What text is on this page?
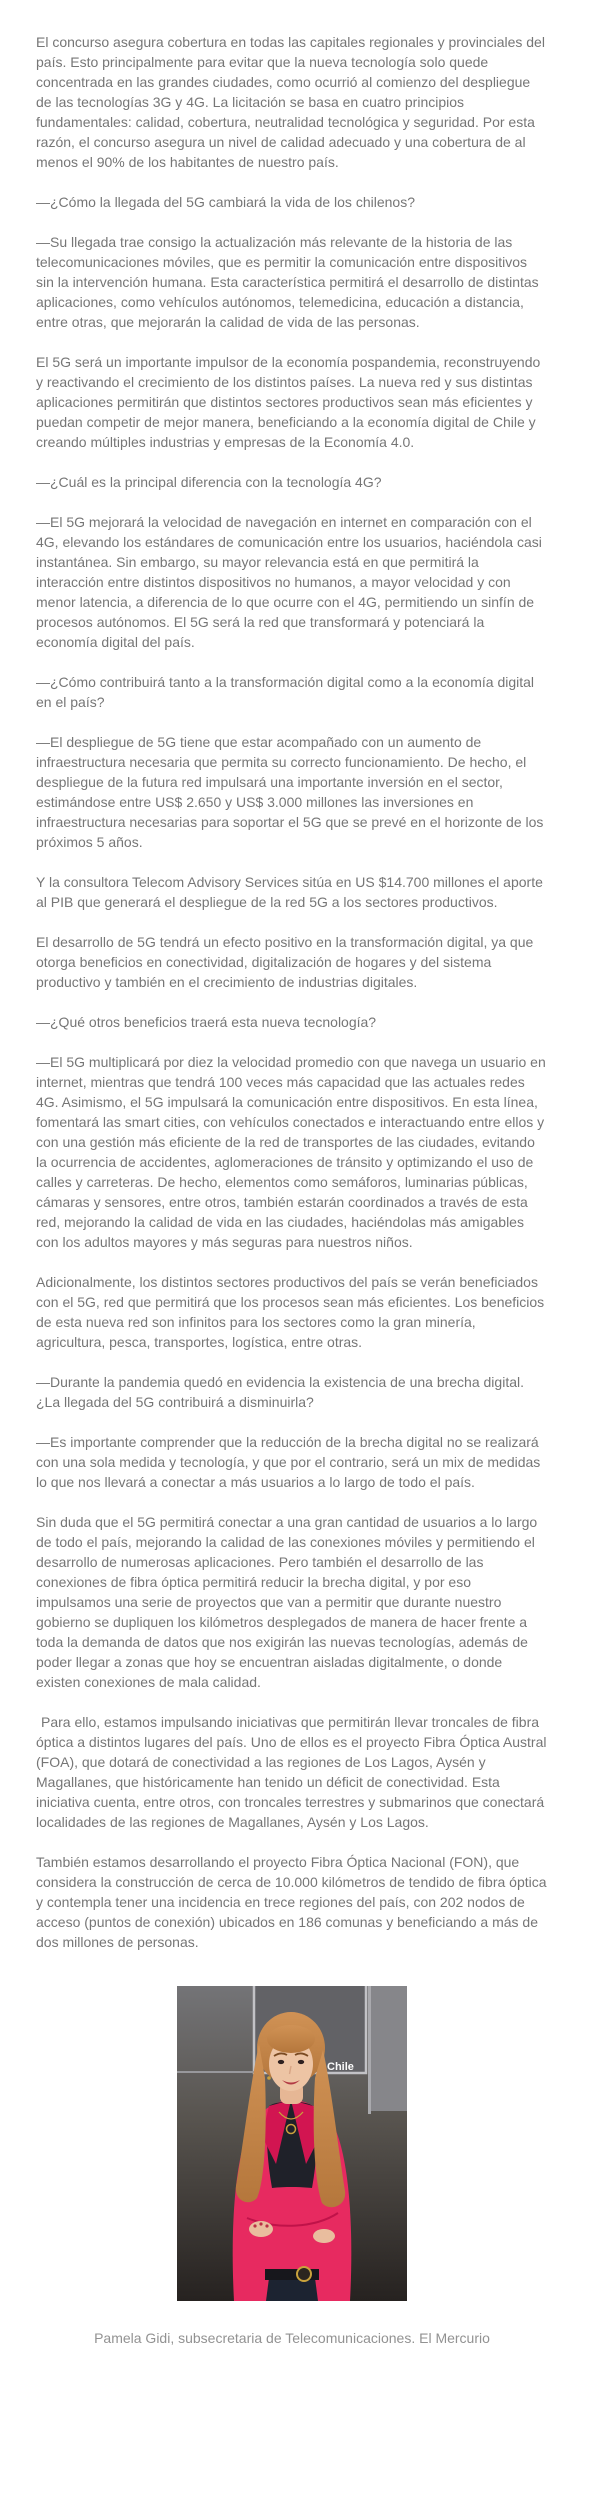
El concurso asegura cobertura en todas las capitales regionales y provinciales del país. Esto principalmente para evitar que la nueva tecnología solo quede concentrada en las grandes ciudades, como ocurrió al comienzo del despliegue de las tecnologías 3G y 4G. La licitación se basa en cuatro principios fundamentales: calidad, cobertura, neutralidad tecnológica y seguridad. Por esta razón, el concurso asegura un nivel de calidad adecuado y una cobertura de al menos el 90% de los habitantes de nuestro país.

—¿Cómo la llegada del 5G cambiará la vida de los chilenos?

—Su llegada trae consigo la actualización más relevante de la historia de las telecomunicaciones móviles, que es permitir la comunicación entre dispositivos sin la intervención humana. Esta característica permitirá el desarrollo de distintas aplicaciones, como vehículos autónomos, telemedicina, educación a distancia, entre otras, que mejorarán la calidad de vida de las personas.

El 5G será un importante impulsor de la economía pospandemia, reconstruyendo y reactivando el crecimiento de los distintos países. La nueva red y sus distintas aplicaciones permitirán que distintos sectores productivos sean más eficientes y puedan competir de mejor manera, beneficiando a la economía digital de Chile y creando múltiples industrias y empresas de la Economía 4.0.

—¿Cuál es la principal diferencia con la tecnología 4G?

—El 5G mejorará la velocidad de navegación en internet en comparación con el 4G, elevando los estándares de comunicación entre los usuarios, haciéndola casi instantánea. Sin embargo, su mayor relevancia está en que permitirá la interacción entre distintos dispositivos no humanos, a mayor velocidad y con menor latencia, a diferencia de lo que ocurre con el 4G, permitiendo un sinfín de procesos autónomos. El 5G será la red que transformará y potenciará la economía digital del país.

—¿Cómo contribuirá tanto a la transformación digital como a la economía digital en el país?

—El despliegue de 5G tiene que estar acompañado con un aumento de infraestructura necesaria que permita su correcto funcionamiento. De hecho, el despliegue de la futura red impulsará una importante inversión en el sector, estimándose entre US$ 2.650 y US$ 3.000 millones las inversiones en infraestructura necesarias para soportar el 5G que se prevé en el horizonte de los próximos 5 años.

Y la consultora Telecom Advisory Services sitúa en US $14.700 millones el aporte al PIB que generará el despliegue de la red 5G a los sectores productivos.

El desarrollo de 5G tendrá un efecto positivo en la transformación digital, ya que otorga beneficios en conectividad, digitalización de hogares y del sistema productivo y también en el crecimiento de industrias digitales.

—¿Qué otros beneficios traerá esta nueva tecnología?

—El 5G multiplicará por diez la velocidad promedio con que navega un usuario en internet, mientras que tendrá 100 veces más capacidad que las actuales redes 4G. Asimismo, el 5G impulsará la comunicación entre dispositivos. En esta línea, fomentará las smart cities, con vehículos conectados e interactuando entre ellos y con una gestión más eficiente de la red de transportes de las ciudades, evitando la ocurrencia de accidentes, aglomeraciones de tránsito y optimizando el uso de calles y carreteras. De hecho, elementos como semáforos, luminarias públicas, cámaras y sensores, entre otros, también estarán coordinados a través de esta red, mejorando la calidad de vida en las ciudades, haciéndolas más amigables con los adultos mayores y más seguras para nuestros niños.

Adicionalmente, los distintos sectores productivos del país se verán beneficiados con el 5G, red que permitirá que los procesos sean más eficientes. Los beneficios de esta nueva red son infinitos para los sectores como la gran minería, agricultura, pesca, transportes, logística, entre otras.

—Durante la pandemia quedó en evidencia la existencia de una brecha digital. ¿La llegada del 5G contribuirá a disminuirla?

—Es importante comprender que la reducción de la brecha digital no se realizará con una sola medida y tecnología, y que por el contrario, será un mix de medidas lo que nos llevará a conectar a más usuarios a lo largo de todo el país.

Sin duda que el 5G permitirá conectar a una gran cantidad de usuarios a lo largo de todo el país, mejorando la calidad de las conexiones móviles y permitiendo el desarrollo de numerosas aplicaciones. Pero también el desarrollo de las conexiones de fibra óptica permitirá reducir la brecha digital, y por eso impulsamos una serie de proyectos que van a permitir que durante nuestro gobierno se dupliquen los kilómetros desplegados de manera de hacer frente a toda la demanda de datos que nos exigirán las nuevas tecnologías, además de poder llegar a zonas que hoy se encuentran aisladas digitalmente, o donde existen conexiones de mala calidad.

Para ello, estamos impulsando iniciativas que permitirán llevar troncales de fibra óptica a distintos lugares del país. Uno de ellos es el proyecto Fibra Óptica Austral (FOA), que dotará de conectividad a las regiones de Los Lagos, Aysén y Magallanes, que históricamente han tenido un déficit de conectividad. Esta iniciativa cuenta, entre otros, con troncales terrestres y submarinos que conectará localidades de las regiones de Magallanes, Aysén y Los Lagos.

También estamos desarrollando el proyecto Fibra Óptica Nacional (FON), que considera la construcción de cerca de 10.000 kilómetros de tendido de fibra óptica y contempla tener una incidencia en trece regiones del país, con 202 nodos de acceso (puntos de conexión) ubicados en 186 comunas y beneficiando a más de dos millones de personas.

Chile
Pamela Gidi, subsecretaria de Telecomunicaciones. El Mercurio
